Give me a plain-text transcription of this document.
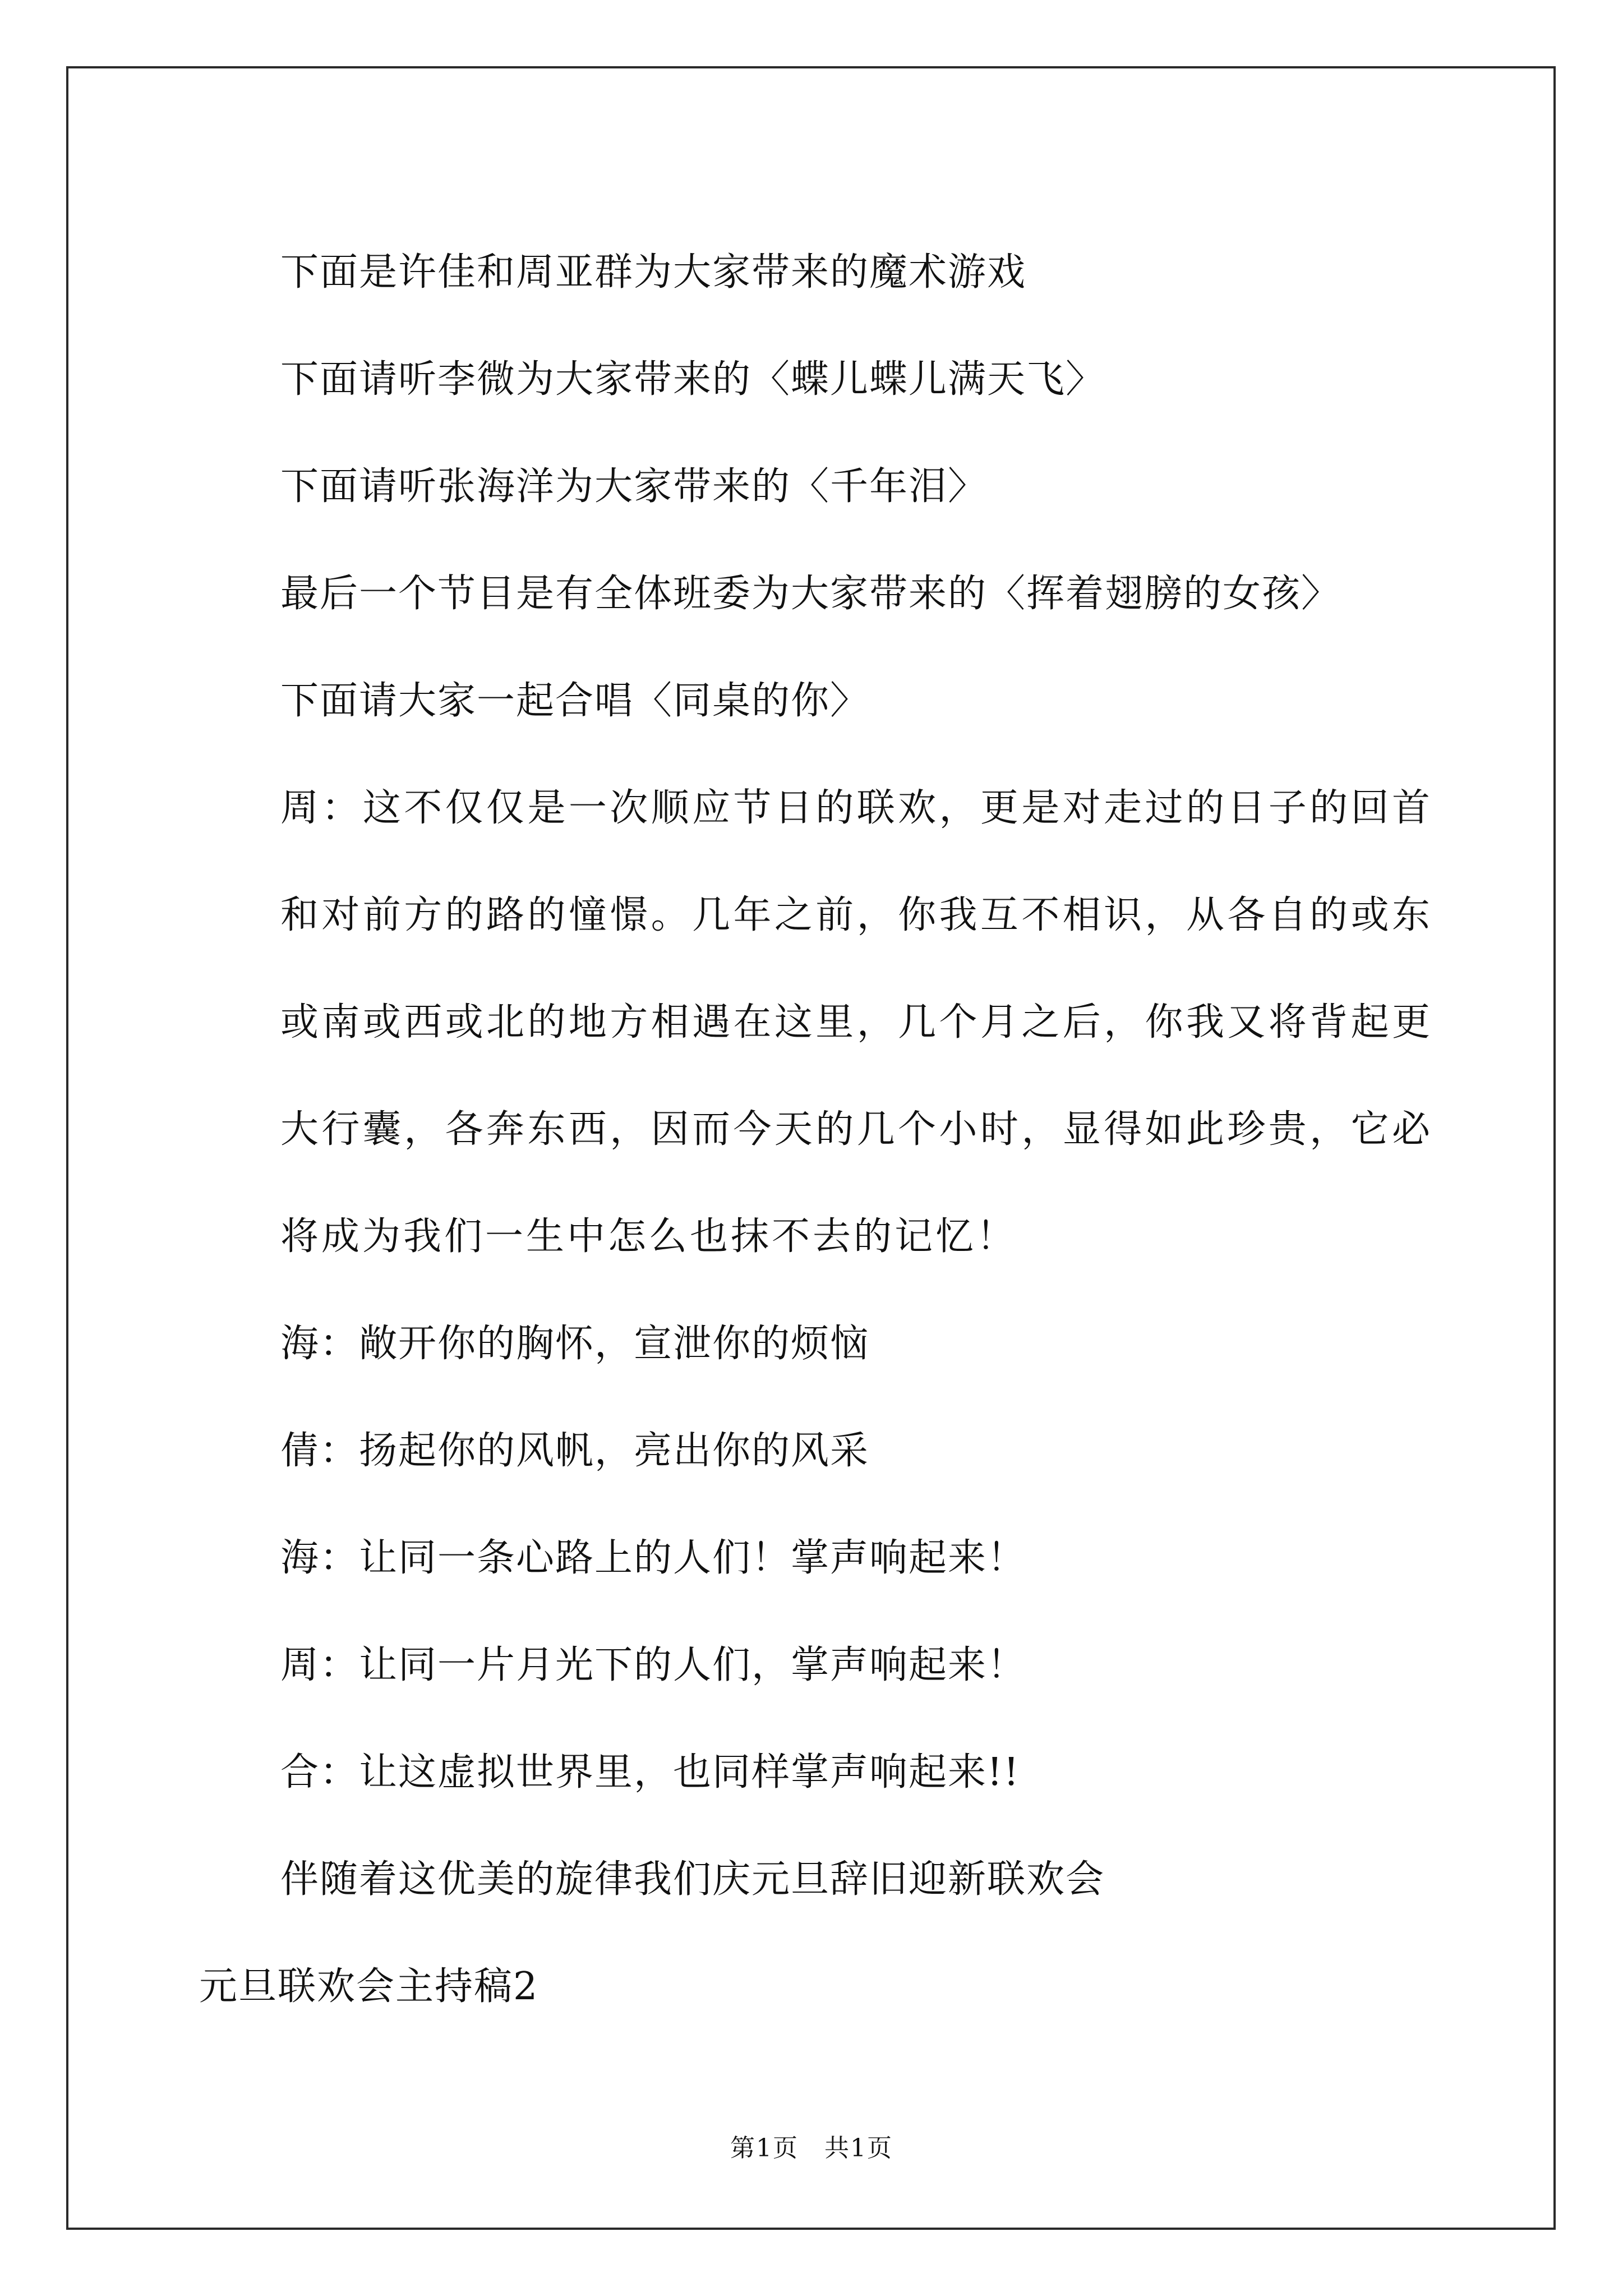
下面是许佳和周亚群为大家带来的魔术游戏

下面请听李微为大家带来的〈蝶儿蝶儿满天飞〉

下面请听张海洋为大家带来的〈千年泪〉

最后一个节目是有全体班委为大家带来的〈挥着翅膀的女孩〉

下面请大家一起合唱〈同桌的你〉

周：这不仅仅是一次顺应节日的联欢，更是对走过的日子的回首和对前方的路的憧憬。几年之前，你我互不相识，从各自的或东或南或西或北的地方相遇在这里，几个月之后，你我又将背起更大行囊，各奔东西，因而今天的几个小时，显得如此珍贵，它必将成为我们一生中怎么也抹不去的记忆！

海：敞开你的胸怀，宣泄你的烦恼

倩：扬起你的风帆，亮出你的风采

海：让同一条心路上的人们！掌声响起来！

周：让同一片月光下的人们，掌声响起来！

合：让这虚拟世界里，也同样掌声响起来!!

伴随着这优美的旋律我们庆元旦辞旧迎新联欢会

元旦联欢会主持稿2

第1页　共1页
